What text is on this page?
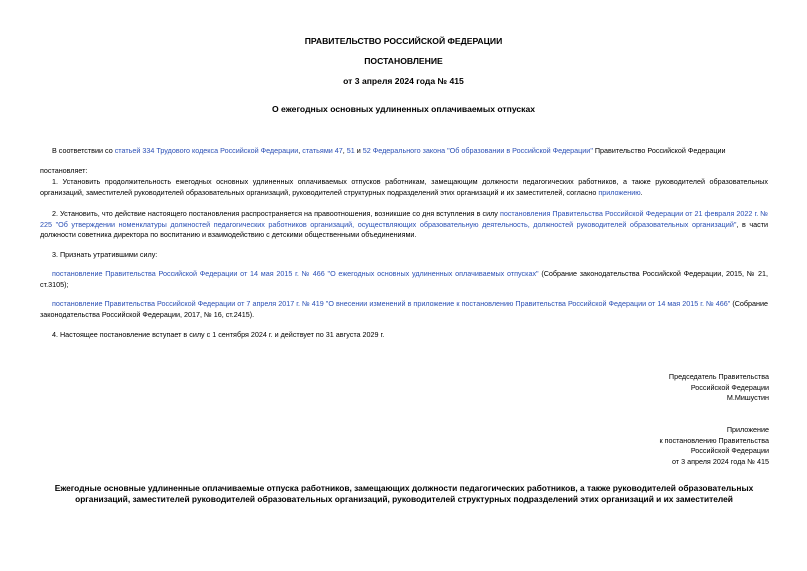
ПРАВИТЕЛЬСТВО РОССИЙСКОЙ ФЕДЕРАЦИИ
ПОСТАНОВЛЕНИЕ
от 3 апреля 2024 года № 415
О ежегодных основных удлиненных оплачиваемых отпусках
В соответствии со статьей 334 Трудового кодекса Российской Федерации, статьями 47, 51 и 52 Федерального закона "Об образовании в Российской Федерации" Правительство Российской Федерации
постановляет:
1. Установить продолжительность ежегодных основных удлиненных оплачиваемых отпусков работникам, замещающим должности педагогических работников, а также руководителей образовательных организаций, заместителей руководителей образовательных организаций, руководителей структурных подразделений этих организаций и их заместителей, согласно приложению.
2. Установить, что действие настоящего постановления распространяется на правоотношения, возникшие со дня вступления в силу постановления Правительства Российской Федерации от 21 февраля 2022 г. № 225 "Об утверждении номенклатуры должностей педагогических работников организаций, осуществляющих образовательную деятельность, должностей руководителей образовательных организаций", в части должности советника директора по воспитанию и взаимодействию с детскими общественными объединениями.
3. Признать утратившими силу:
постановление Правительства Российской Федерации от 14 мая 2015 г. № 466 "О ежегодных основных удлиненных оплачиваемых отпусках" (Собрание законодательства Российской Федерации, 2015, № 21, ст.3105);
постановление Правительства Российской Федерации от 7 апреля 2017 г. № 419 "О внесении изменений в приложение к постановлению Правительства Российской Федерации от 14 мая 2015 г. № 466" (Собрание законодательства Российской Федерации, 2017, № 16, ст.2415).
4. Настоящее постановление вступает в силу с 1 сентября 2024 г. и действует по 31 августа 2029 г.
Председатель Правительства
Российской Федерации
М.Мишустин
Приложение
к постановлению Правительства
Российской Федерации
от 3 апреля 2024 года № 415
Ежегодные основные удлиненные оплачиваемые отпуска работников, замещающих должности педагогических работников, а также руководителей образовательных организаций, заместителей руководителей образовательных организаций, руководителей структурных подразделений этих организаций и их заместителей
